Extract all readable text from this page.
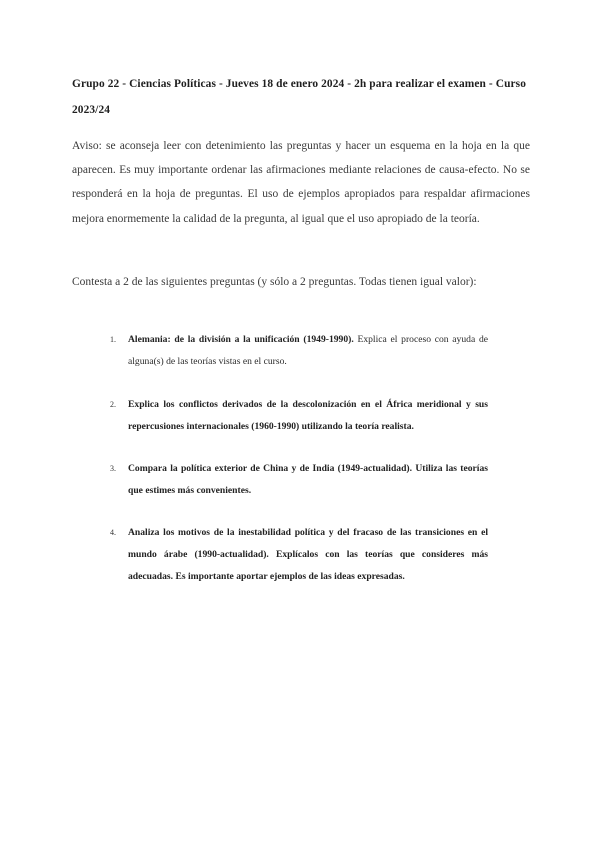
Grupo 22 - Ciencias Políticas - Jueves 18 de enero 2024 - 2h para realizar el examen - Curso 2023/24
Aviso: se aconseja leer con detenimiento las preguntas y hacer un esquema en la hoja en la que aparecen. Es muy importante ordenar las afirmaciones mediante relaciones de causa-efecto. No se responderá en la hoja de preguntas. El uso de ejemplos apropiados para respaldar afirmaciones mejora enormemente la calidad de la pregunta, al igual que el uso apropiado de la teoría.
Contesta a 2 de las siguientes preguntas (y sólo a 2 preguntas. Todas tienen igual valor):
1. Alemania: de la división a la unificación (1949-1990). Explica el proceso con ayuda de alguna(s) de las teorías vistas en el curso.
2. Explica los conflictos derivados de la descolonización en el África meridional y sus repercusiones internacionales (1960-1990) utilizando la teoría realista.
3. Compara la política exterior de China y de India (1949-actualidad). Utiliza las teorías que estimes más convenientes.
4. Analiza los motivos de la inestabilidad política y del fracaso de las transiciones en el mundo árabe (1990-actualidad). Explícalos con las teorías que consideres más adecuadas. Es importante aportar ejemplos de las ideas expresadas.
